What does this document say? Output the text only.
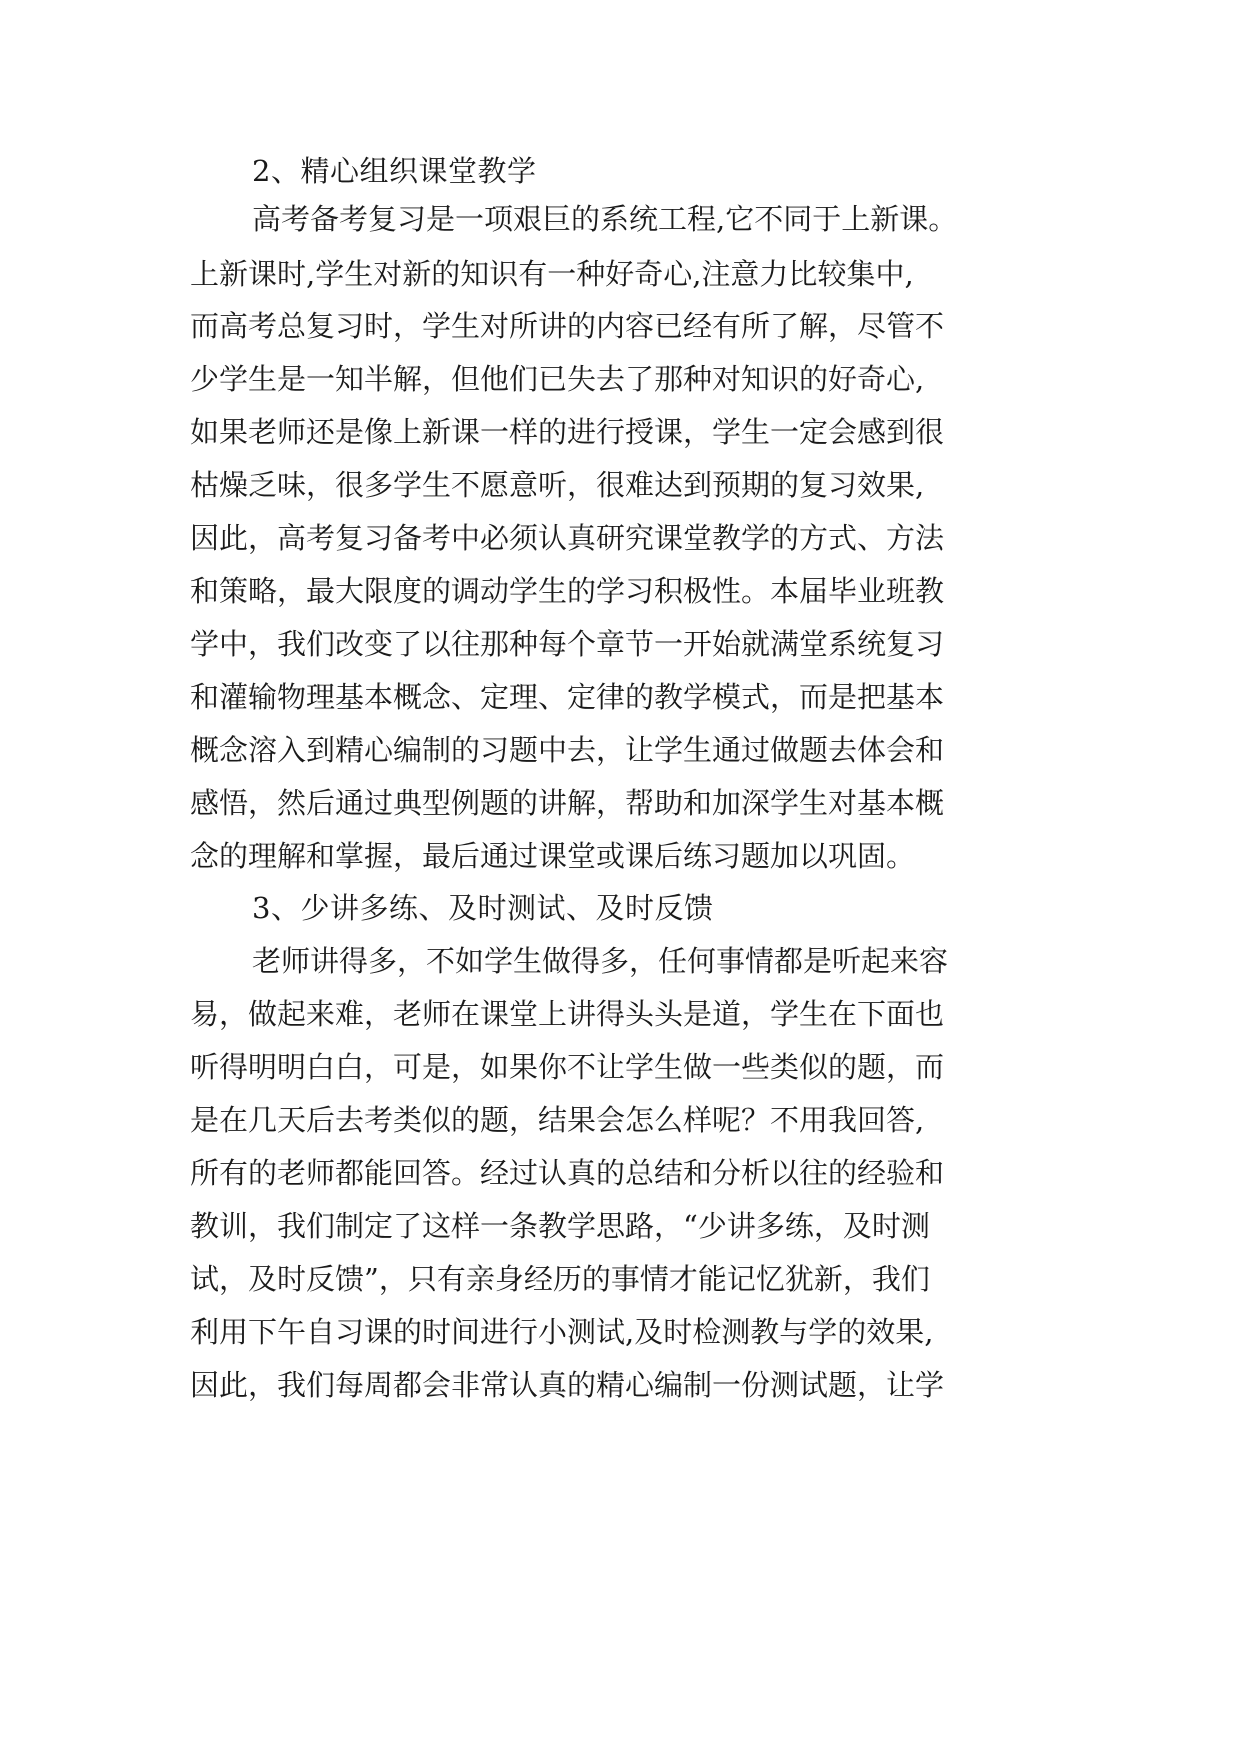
2、精心组织课堂教学
高考备考复习是一项艰巨的系统工程,它不同于上新课。
上新课时,学生对新的知识有一种好奇心,注意力比较集中,
而高考总复习时，学生对所讲的内容已经有所了解，尽管不
少学生是一知半解，但他们已失去了那种对知识的好奇心,
如果老师还是像上新课一样的进行授课，学生一定会感到很
枯燥乏味，很多学生不愿意听，很难达到预期的复习效果,
因此，高考复习备考中必须认真研究课堂教学的方式、方法
和策略，最大限度的调动学生的学习积极性。本届毕业班教
学中，我们改变了以往那种每个章节一开始就满堂系统复习
和灌输物理基本概念、定理、定律的教学模式，而是把基本
概念溶入到精心编制的习题中去，让学生通过做题去体会和
感悟，然后通过典型例题的讲解，帮助和加深学生对基本概
念的理解和掌握，最后通过课堂或课后练习题加以巩固。
3、少讲多练、及时测试、及时反馈
老师讲得多，不如学生做得多，任何事情都是听起来容
易，做起来难，老师在课堂上讲得头头是道，学生在下面也
听得明明白白，可是，如果你不让学生做一些类似的题，而
是在几天后去考类似的题，结果会怎么样呢？不用我回答,
所有的老师都能回答。经过认真的总结和分析以往的经验和
教训，我们制定了这样一条教学思路，“少讲多练，及时测
试，及时反馈”，只有亲身经历的事情才能记忆犹新，我们
利用下午自习课的时间进行小测试,及时检测教与学的效果,
因此，我们每周都会非常认真的精心编制一份测试题，让学
